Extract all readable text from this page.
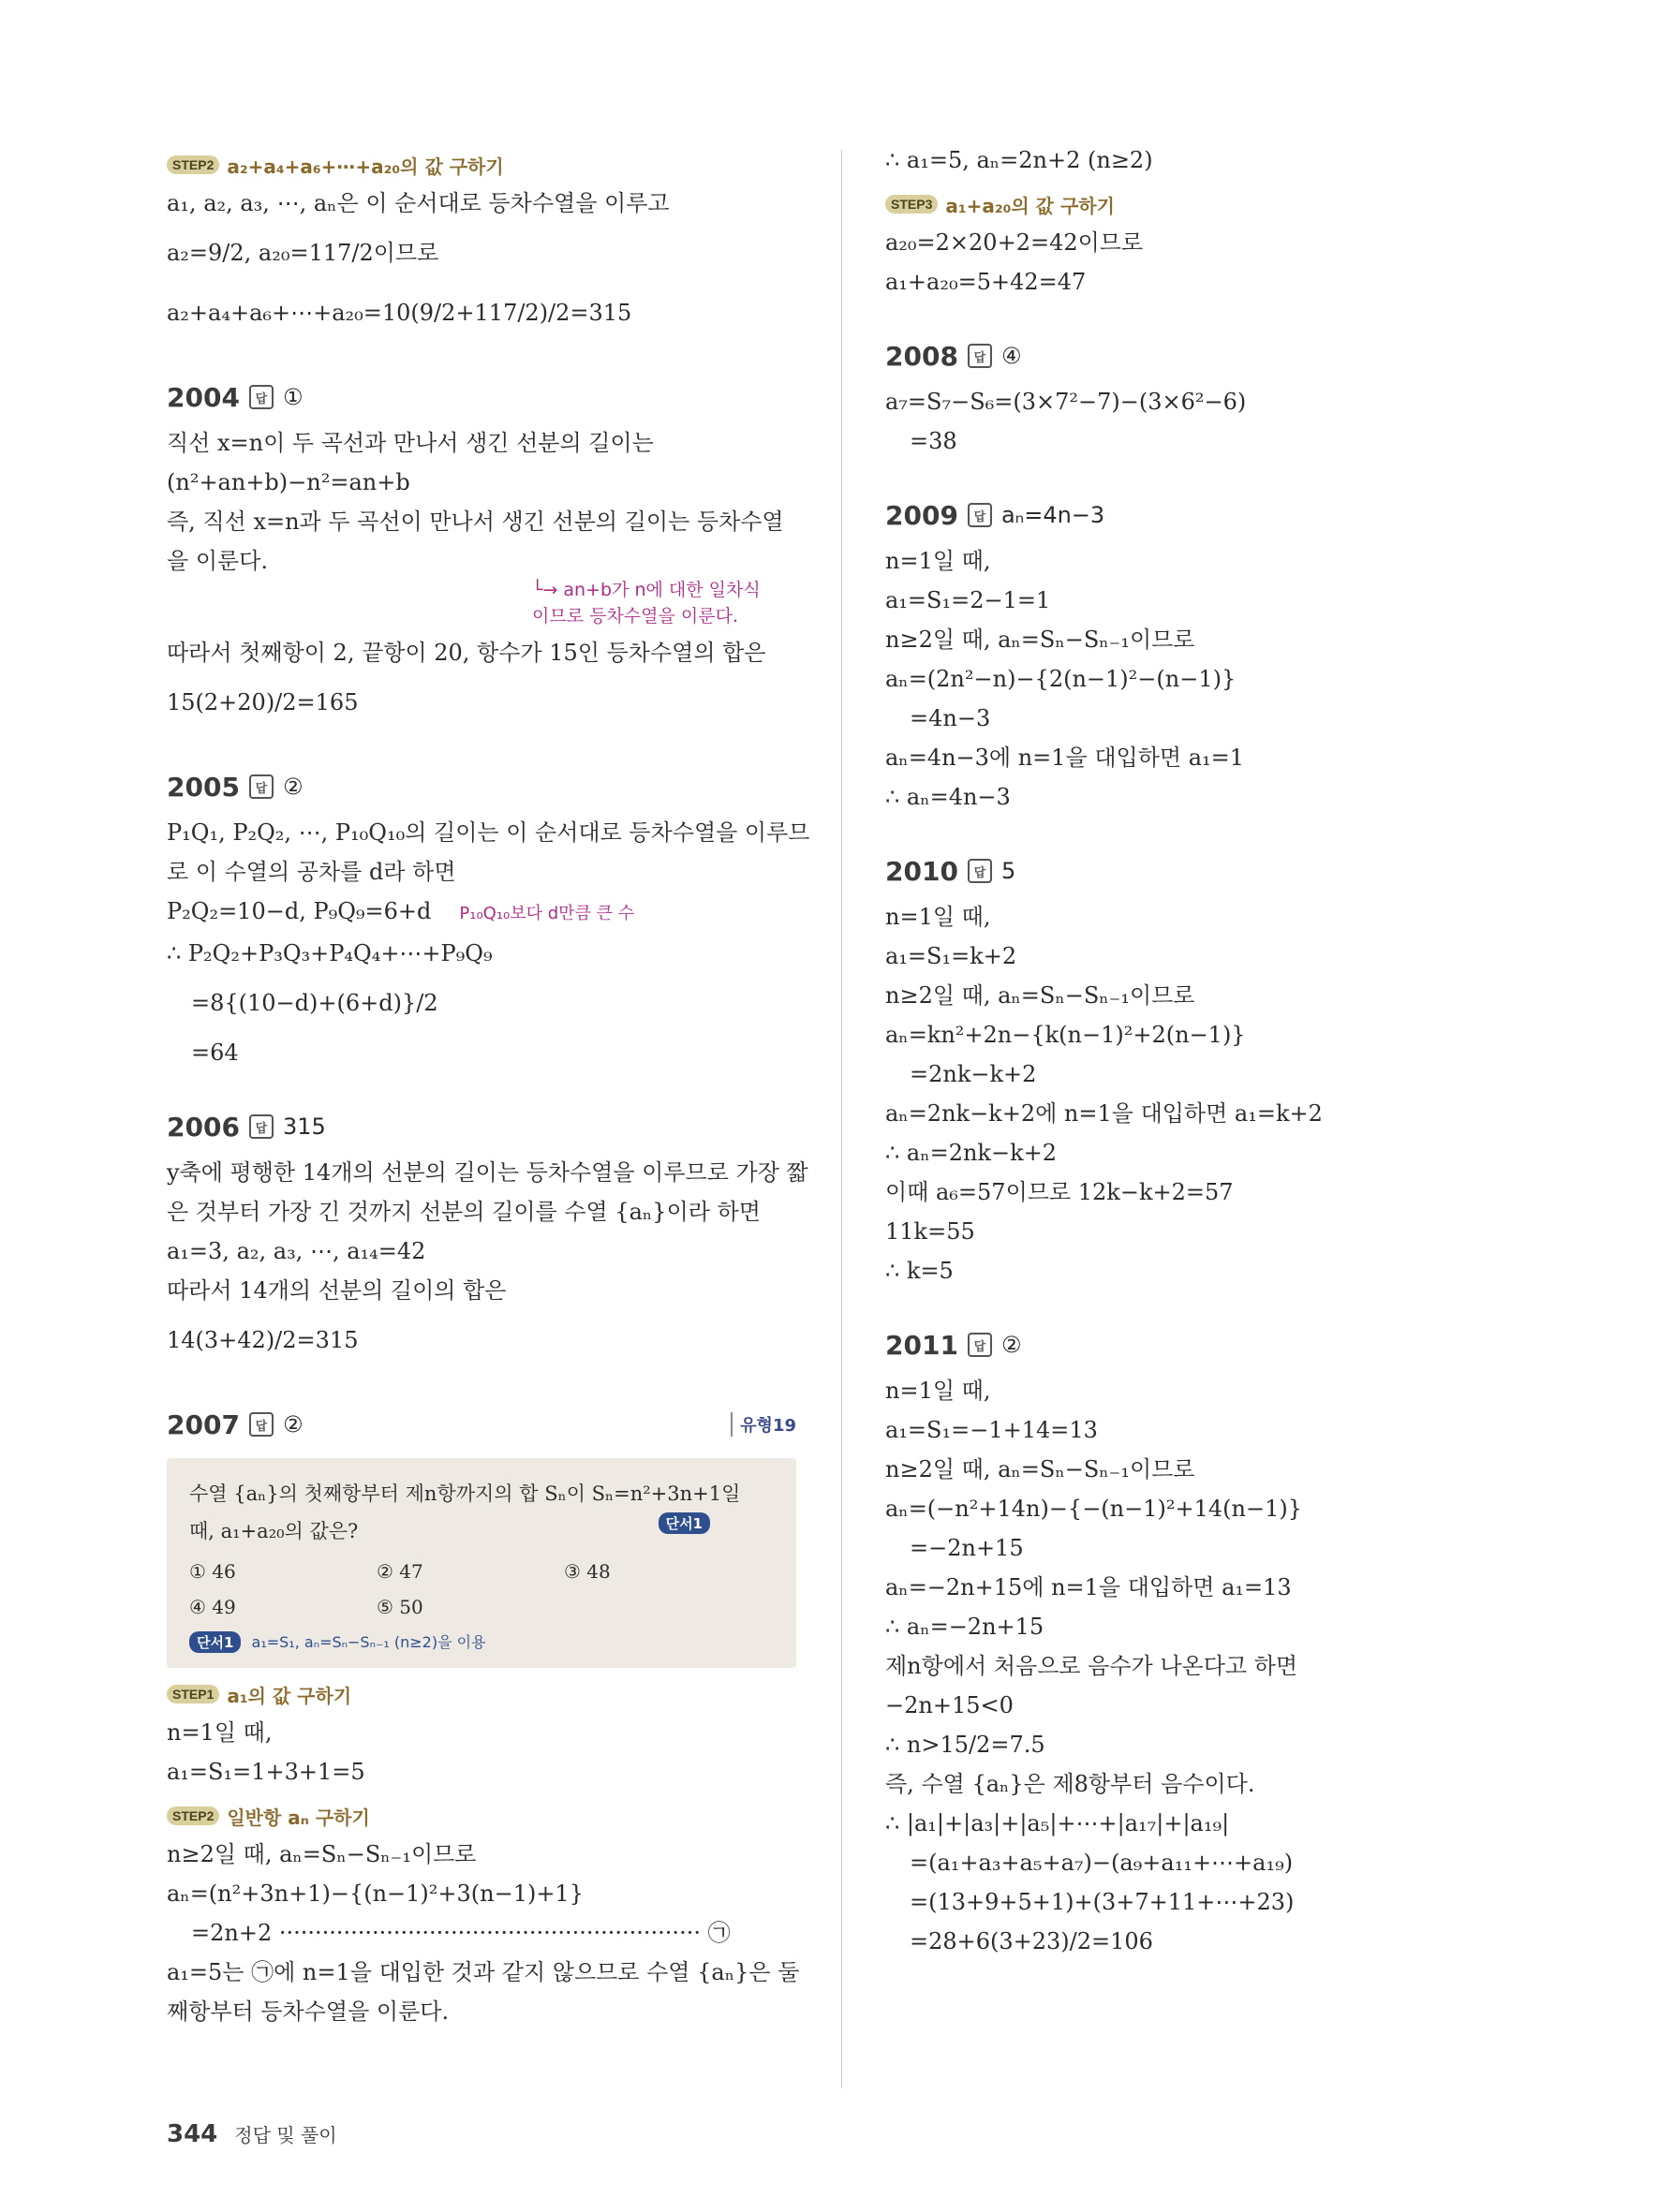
STEP2 a₂+a₄+a₆+⋯+a₂₀의 값 구하기
a₁, a₂, a₃, ⋯, aₙ은 이 순서대로 등차수열을 이루고
a₂=9/2, a₂₀=117/2이므로
a₂+a₄+a₆+⋯+a₂₀=10(9/2+117/2)/2=315
2004	답 ①
직선 x=n이 두 곡선과 만나서 생긴 선분의 길이는
(n²+an+b)−n²=an+b
즉, 직선 x=n과 두 곡선이 만나서 생긴 선분의 길이는 등차수열
을 이룬다.
└→ an+b가 n에 대한 일차식
이므로 등차수열을 이룬다.
따라서 첫째항이 2, 끝항이 20, 항수가 15인 등차수열의 합은
15(2+20)/2=165
2005	답 ②
P₁Q₁, P₂Q₂, ⋯, P₁₀Q₁₀의 길이는 이 순서대로 등차수열을 이루므
로 이 수열의 공차를 d라 하면
P₂Q₂=10−d, P₉Q₉=6+d P₁₀Q₁₀보다 d만큼 큰 수
∴ P₂Q₂+P₃Q₃+P₄Q₄+⋯+P₉Q₉
=8{(10−d)+(6+d)}/2
=64
2006	답 315
y축에 평행한 14개의 선분의 길이는 등차수열을 이루므로 가장 짧
은 것부터 가장 긴 것까지 선분의 길이를 수열 {aₙ}이라 하면
a₁=3, a₂, a₃, ⋯, a₁₄=42
따라서 14개의 선분의 길이의 합은
14(3+42)/2=315
2007	답 ②	유형19
수열 {aₙ}의 첫째항부터 제n항까지의 합 Sₙ이 Sₙ=n²+3n+1일
단서1
때, a₁+a₂₀의 값은?
① 46	② 47	③ 48
④ 49	⑤ 50
단서1 a₁=S₁, aₙ=Sₙ−Sₙ₋₁ (n≥2)을 이용
STEP1 a₁의 값 구하기
n=1일 때,
a₁=S₁=1+3+1=5
STEP2 일반항 aₙ 구하기
n≥2일 때, aₙ=Sₙ−Sₙ₋₁이므로
aₙ=(n²+3n+1)−{(n−1)²+3(n−1)+1}
=2n+2 ··························································· ㉠
a₁=5는 ㉠에 n=1을 대입한 것과 같지 않으므로 수열 {aₙ}은 둘
째항부터 등차수열을 이룬다.
∴ a₁=5, aₙ=2n+2 (n≥2)
STEP3 a₁+a₂₀의 값 구하기
a₂₀=2×20+2=42이므로
a₁+a₂₀=5+42=47
2008	답 ④
a₇=S₇−S₆=(3×7²−7)−(3×6²−6)
=38
2009	답 aₙ=4n−3
n=1일 때,
a₁=S₁=2−1=1
n≥2일 때, aₙ=Sₙ−Sₙ₋₁이므로
aₙ=(2n²−n)−{2(n−1)²−(n−1)}
=4n−3
aₙ=4n−3에 n=1을 대입하면 a₁=1
∴ aₙ=4n−3
2010	답 5
n=1일 때,
a₁=S₁=k+2
n≥2일 때, aₙ=Sₙ−Sₙ₋₁이므로
aₙ=kn²+2n−{k(n−1)²+2(n−1)}
=2nk−k+2
aₙ=2nk−k+2에 n=1을 대입하면 a₁=k+2
∴ aₙ=2nk−k+2
이때 a₆=57이므로 12k−k+2=57
11k=55
∴ k=5
2011	답 ②
n=1일 때,
a₁=S₁=−1+14=13
n≥2일 때, aₙ=Sₙ−Sₙ₋₁이므로
aₙ=(−n²+14n)−{−(n−1)²+14(n−1)}
=−2n+15
aₙ=−2n+15에 n=1을 대입하면 a₁=13
∴ aₙ=−2n+15
제n항에서 처음으로 음수가 나온다고 하면
−2n+15<0
∴ n>15/2=7.5
즉, 수열 {aₙ}은 제8항부터 음수이다.
∴ |a₁|+|a₃|+|a₅|+⋯+|a₁₇|+|a₁₉|
=(a₁+a₃+a₅+a₇)−(a₉+a₁₁+⋯+a₁₉)
=(13+9+5+1)+(3+7+11+⋯+23)
=28+6(3+23)/2=106
344 정답 및 풀이
